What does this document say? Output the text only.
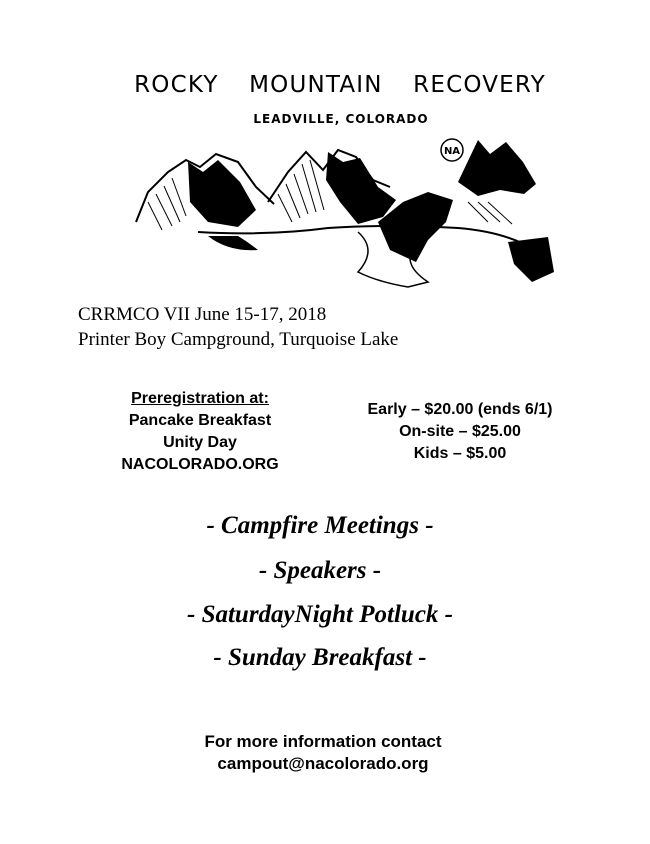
ROCKY MOUNTAIN RECOVERY
LEADVILLE, COLORADO
NA
CRRMCO VII June 15-17, 2018
Printer Boy Campground, Turquoise Lake
Preregistration at:
Pancake Breakfast
Unity Day
NACOLORADO.ORG
Early – $20.00 (ends 6/1)
On-site – $25.00
Kids – $5.00
- Campfire Meetings -
- Speakers -
- SaturdayNight Potluck -
- Sunday Breakfast -
For more information contact
campout@nacolorado.org
